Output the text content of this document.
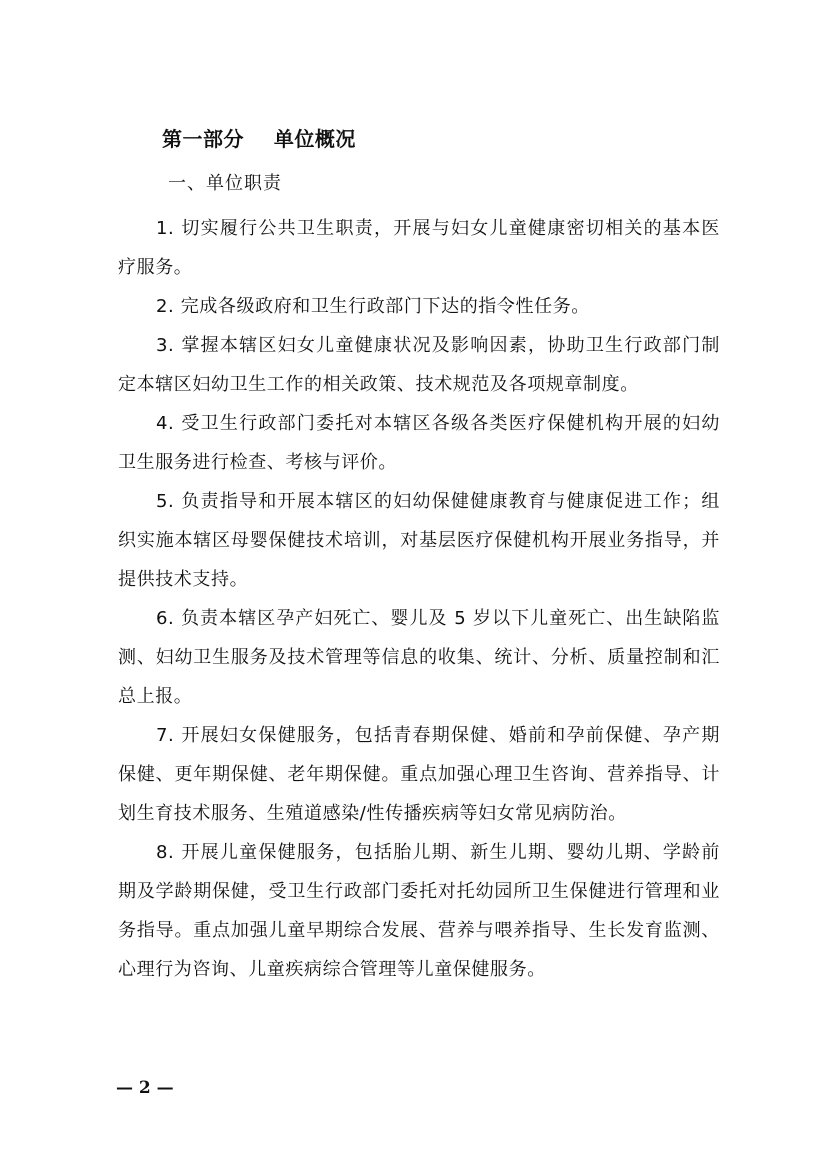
第一部分    单位概况
一、单位职责

1. 切实履行公共卫生职责，开展与妇女儿童健康密切相关的基本医疗服务。

2. 完成各级政府和卫生行政部门下达的指令性任务。

3. 掌握本辖区妇女儿童健康状况及影响因素，协助卫生行政部门制定本辖区妇幼卫生工作的相关政策、技术规范及各项规章制度。

4. 受卫生行政部门委托对本辖区各级各类医疗保健机构开展的妇幼卫生服务进行检查、考核与评价。

5. 负责指导和开展本辖区的妇幼保健健康教育与健康促进工作；组织实施本辖区母婴保健技术培训，对基层医疗保健机构开展业务指导，并提供技术支持。

6. 负责本辖区孕产妇死亡、婴儿及 5 岁以下儿童死亡、出生缺陷监测、妇幼卫生服务及技术管理等信息的收集、统计、分析、质量控制和汇总上报。

7. 开展妇女保健服务，包括青春期保健、婚前和孕前保健、孕产期保健、更年期保健、老年期保健。重点加强心理卫生咨询、营养指导、计划生育技术服务、生殖道感染/性传播疾病等妇女常见病防治。

8. 开展儿童保健服务，包括胎儿期、新生儿期、婴幼儿期、学龄前期及学龄期保健，受卫生行政部门委托对托幼园所卫生保健进行管理和业务指导。重点加强儿童早期综合发展、营养与喂养指导、生长发育监测、心理行为咨询、儿童疾病综合管理等儿童保健服务。

— 2 —
